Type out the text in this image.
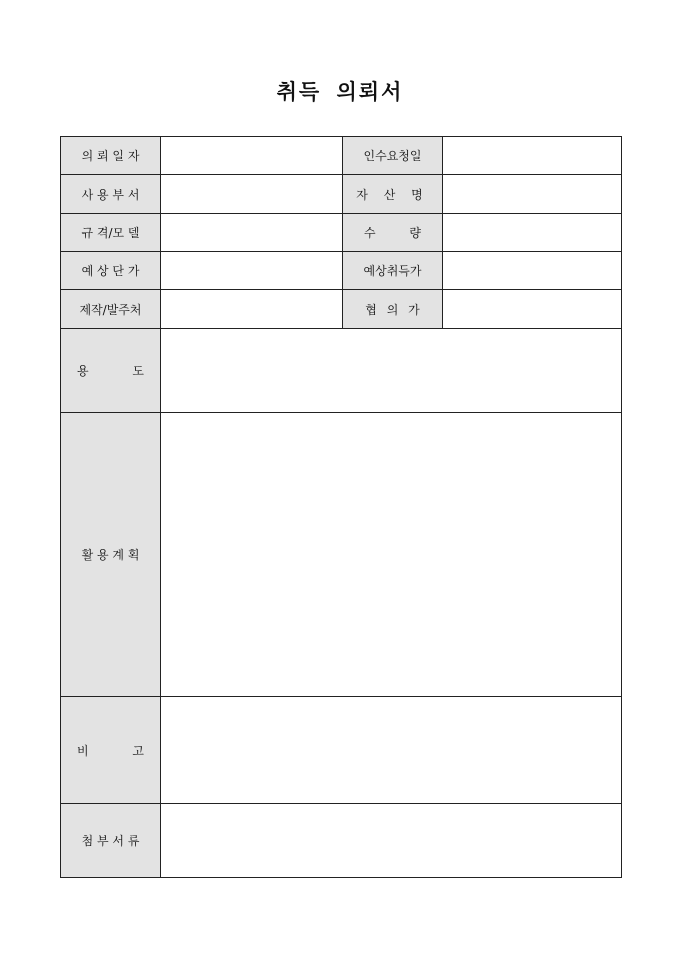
취득 의뢰서
의 뢰 일 자		인수요청일	

사 용 부 서		자 산 명	

규 격/모 델		수 량	

예 상 단 가		예상취득가	

제작/발주처		협 의 가	

용 도			

활 용 계 획			

비 고			

첨 부 서 류			
